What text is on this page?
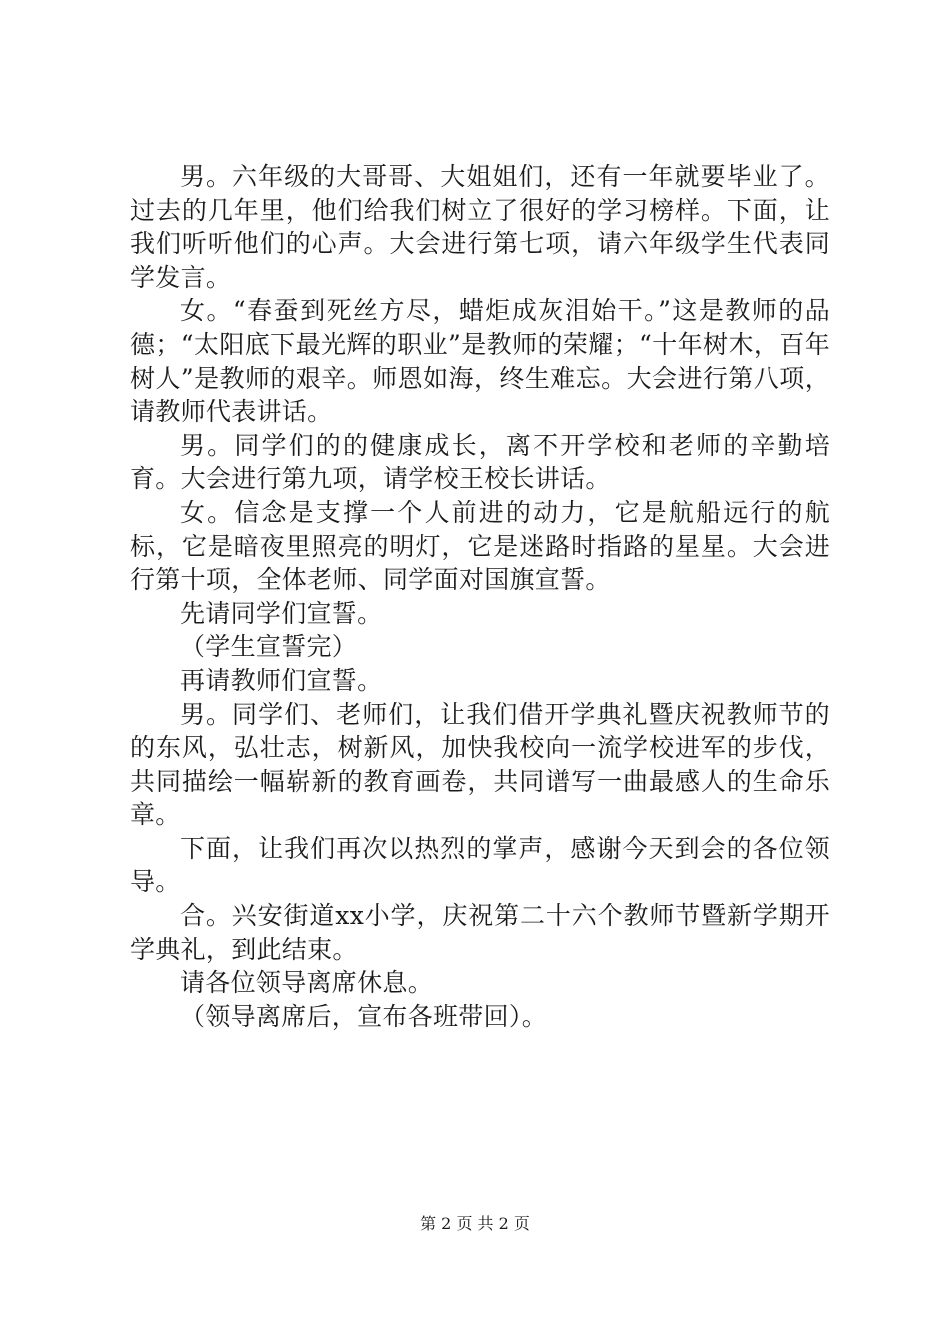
男。六年级的大哥哥、大姐姐们，还有一年就要毕业了。过去的几年里，他们给我们树立了很好的学习榜样。下面，让我们听听他们的心声。大会进行第七项，请六年级学生代表同学发言。

女。“春蚕到死丝方尽，蜡炬成灰泪始干。”这是教师的品德；“太阳底下最光辉的职业”是教师的荣耀；“十年树木，百年树人”是教师的艰辛。师恩如海，终生难忘。大会进行第八项，请教师代表讲话。

男。同学们的的健康成长，离不开学校和老师的辛勤培育。大会进行第九项，请学校王校长讲话。

女。信念是支撑一个人前进的动力，它是航船远行的航标，它是暗夜里照亮的明灯，它是迷路时指路的星星。大会进行第十项，全体老师、同学面对国旗宣誓。

先请同学们宣誓。

（学生宣誓完）

再请教师们宣誓。

男。同学们、老师们，让我们借开学典礼暨庆祝教师节的的东风，弘壮志，树新风，加快我校向一流学校进军的步伐，共同描绘一幅崭新的教育画卷，共同谱写一曲最感人的生命乐章。

下面，让我们再次以热烈的掌声，感谢今天到会的各位领导。

合。兴安街道xx小学，庆祝第二十六个教师节暨新学期开学典礼，到此结束。

请各位领导离席休息。

（领导离席后，宣布各班带回）。

第 2 页 共 2 页
